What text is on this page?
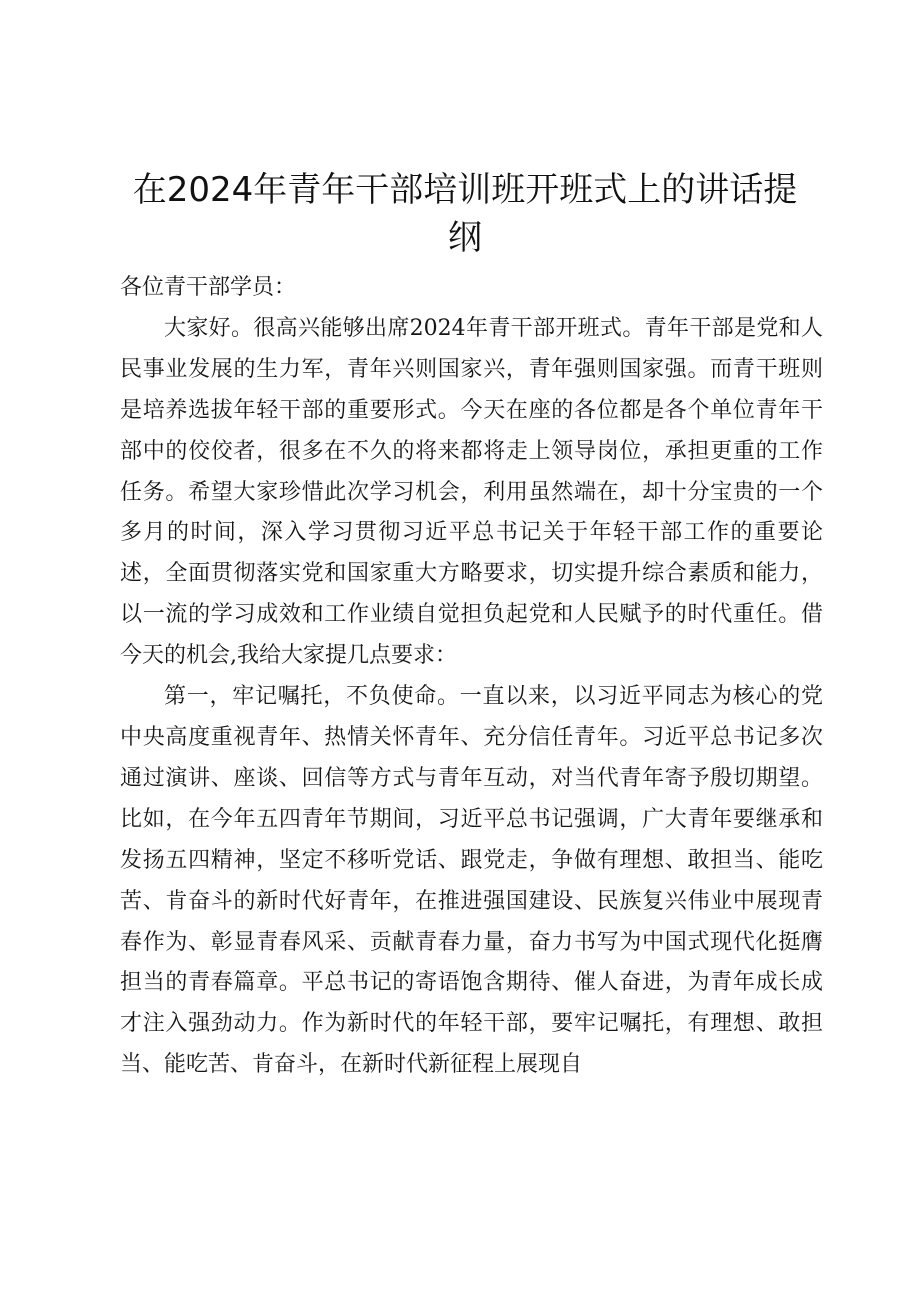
在2024年青年干部培训班开班式上的讲话提纲

各位青干部学员：

大家好。很高兴能够出席2024年青干部开班式。青年干部是党和人民事业发展的生力军，青年兴则国家兴，青年强则国家强。而青干班则是培养选拔年轻干部的重要形式。今天在座的各位都是各个单位青年干部中的佼佼者，很多在不久的将来都将走上领导岗位，承担更重的工作任务。希望大家珍惜此次学习机会，利用虽然端在，却十分宝贵的一个多月的时间，深入学习贯彻习近平总书记关于年轻干部工作的重要论述，全面贯彻落实党和国家重大方略要求，切实提升综合素质和能力，以一流的学习成效和工作业绩自觉担负起党和人民赋予的时代重任。借今天的机会,我给大家提几点要求：

第一，牢记嘱托，不负使命。一直以来，以习近平同志为核心的党中央高度重视青年、热情关怀青年、充分信任青年。习近平总书记多次通过演讲、座谈、回信等方式与青年互动，对当代青年寄予殷切期望。比如，在今年五四青年节期间，习近平总书记强调，广大青年要继承和发扬五四精神，坚定不移听党话、跟党走，争做有理想、敢担当、能吃苦、肯奋斗的新时代好青年，在推进强国建设、民族复兴伟业中展现青春作为、彰显青春风采、贡献青春力量，奋力书写为中国式现代化挺膺担当的青春篇章。平总书记的寄语饱含期待、催人奋进，为青年成长成才注入强劲动力。作为新时代的年轻干部，要牢记嘱托，有理想、敢担当、能吃苦、肯奋斗，在新时代新征程上展现自
